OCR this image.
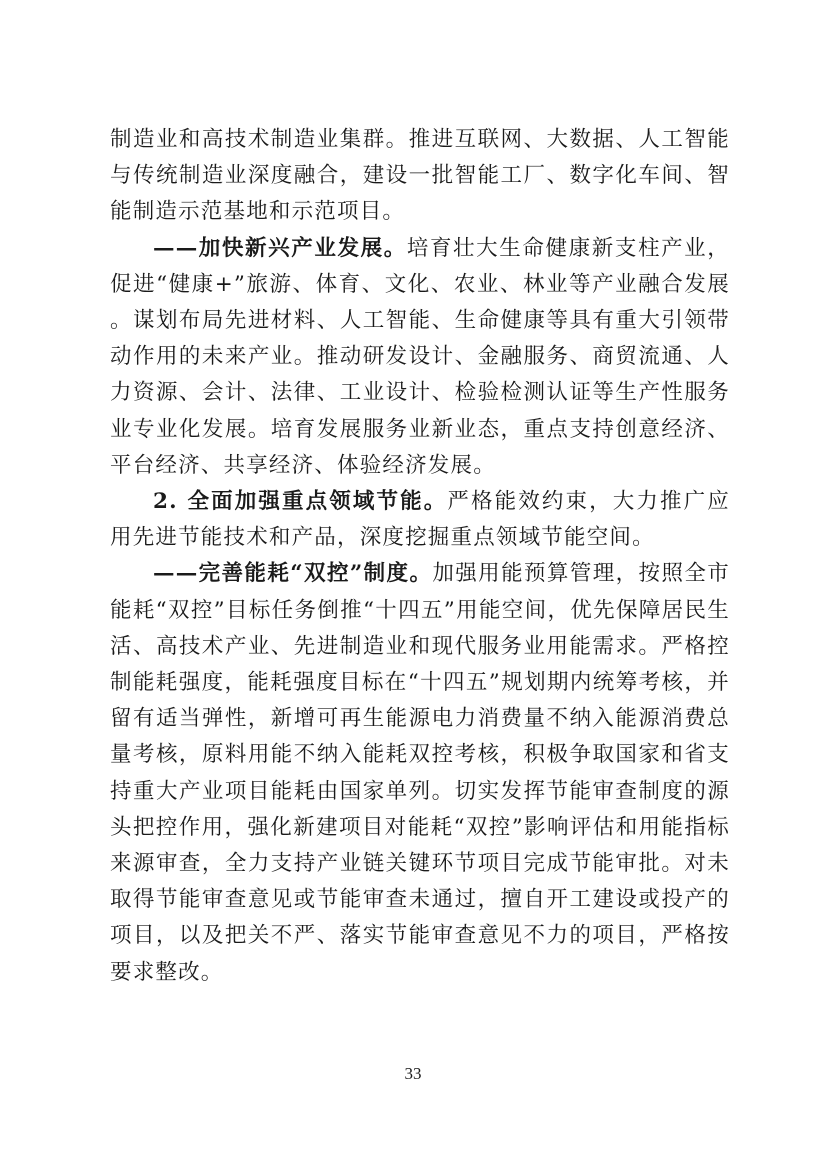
制造业和高技术制造业集群。推进互联网、大数据、人工智能与传统制造业深度融合，建设一批智能工厂、数字化车间、智能制造示范基地和示范项目。

——加快新兴产业发展。培育壮大生命健康新支柱产业，促进“健康+”旅游、体育、文化、农业、林业等产业融合发展。谋划布局先进材料、人工智能、生命健康等具有重大引领带动作用的未来产业。推动研发设计、金融服务、商贸流通、人力资源、会计、法律、工业设计、检验检测认证等生产性服务业专业化发展。培育发展服务业新业态，重点支持创意经济、平台经济、共享经济、体验经济发展。

2. 全面加强重点领域节能。严格能效约束，大力推广应用先进节能技术和产品，深度挖掘重点领域节能空间。

——完善能耗“双控”制度。加强用能预算管理，按照全市能耗“双控”目标任务倒推“十四五”用能空间，优先保障居民生活、高技术产业、先进制造业和现代服务业用能需求。严格控制能耗强度，能耗强度目标在“十四五”规划期内统筹考核，并留有适当弹性，新增可再生能源电力消费量不纳入能源消费总量考核，原料用能不纳入能耗双控考核，积极争取国家和省支持重大产业项目能耗由国家单列。切实发挥节能审查制度的源头把控作用，强化新建项目对能耗“双控”影响评估和用能指标来源审查，全力支持产业链关键环节项目完成节能审批。对未取得节能审查意见或节能审查未通过，擅自开工建设或投产的项目，以及把关不严、落实节能审查意见不力的项目，严格按要求整改。

33
